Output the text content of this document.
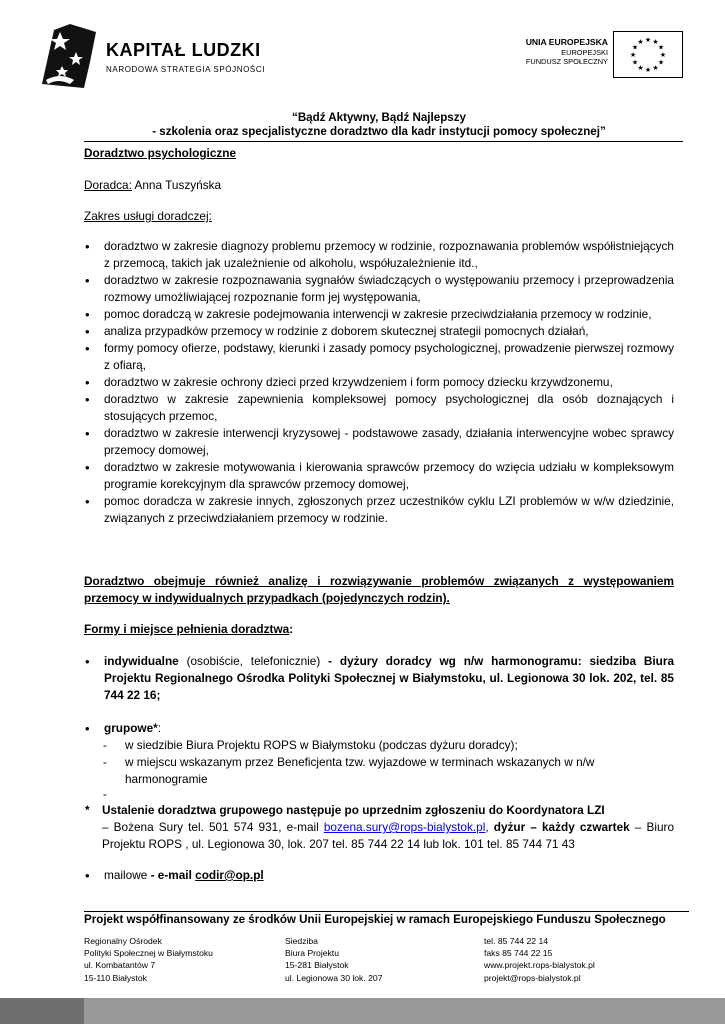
KAPITAŁ LUDZKI
NARODOWA STRATEGIA SPÓJNOŚCI
UNIA EUROPEJSKA
EUROPEJSKI
FUNDUSZ SPOŁECZNY
★ ★
★
★
★
★
★
★
★
★
★
★
“Bądź Aktywny, Bądź Najlepszy
- szkolenia oraz specjalistyczne doradztwo dla kadr instytucji pomocy społecznej”
Doradztwo psychologiczne
Doradca: Anna Tuszyńska
Zakres usługi doradczej:
• doradztwo w zakresie diagnozy problemu przemocy w rodzinie, rozpoznawania problemów współistniejących z przemocą, takich jak uzależnienie od alkoholu, współuzależnienie itd.,
• doradztwo w zakresie rozpoznawania sygnałów świadczących o występowaniu przemocy i przeprowadzenia rozmowy umożliwiającej rozpoznanie form jej występowania,
• pomoc doradczą w zakresie podejmowania interwencji w zakresie przeciwdziałania przemocy w rodzinie,
• analiza przypadków przemocy w rodzinie z doborem skutecznej strategii pomocnych działań,
• formy pomocy ofierze, podstawy, kierunki i zasady pomocy psychologicznej, prowadzenie pierwszej rozmowy z ofiarą,
• doradztwo w zakresie ochrony dzieci przed krzywdzeniem i form pomocy dziecku krzywdzonemu,
• doradztwo w zakresie zapewnienia kompleksowej pomocy psychologicznej dla osób doznających i stosujących przemoc,
• doradztwo w zakresie interwencji kryzysowej - podstawowe zasady, działania interwencyjne wobec sprawcy przemocy domowej,
• doradztwo w zakresie motywowania i kierowania sprawców przemocy do wzięcia udziału w kompleksowym programie korekcyjnym dla sprawców przemocy domowej,
• pomoc doradcza w zakresie innych, zgłoszonych przez uczestników cyklu LZI problemów w w/w dziedzinie, związanych z przeciwdziałaniem przemocy w rodzinie.
Doradztwo obejmuje również analizę i rozwiązywanie problemów związanych z występowaniem przemocy w indywidualnych przypadkach (pojedynczych rodzin).
Formy i miejsce pełnienia doradztwa:
• indywidualne (osobiście, telefonicznie) - dyżury doradcy wg n/w harmonogramu: siedziba Biura Projektu Regionalnego Ośrodka Polityki Społecznej w Białymstoku, ul. Legionowa 30 lok. 202, tel. 85 744 22 16;
• grupowe*:
- w siedzibie Biura Projektu ROPS w Białymstoku (podczas dyżuru doradcy);
- w miejscu wskazanym przez Beneficjenta tzw. wyjazdowe w terminach wskazanych w n/w harmonogramie
-
* Ustalenie doradztwa grupowego następuje po uprzednim zgłoszeniu do Koordynatora LZI
– Bożena Sury tel. 501 574 931, e-mail bozena.sury@rops-bialystok.pl, dyżur – każdy czwartek – Biuro Projektu ROPS , ul. Legionowa 30, lok. 207 tel. 85 744 22 14 lub lok. 101 tel. 85 744 71 43
• mailowe - e-mail codir@op.pl
Projekt współfinansowany ze środków Unii Europejskiej w ramach Europejskiego Funduszu Społecznego
Regionalny Ośrodek
Polityki Społecznej w Białymstoku
ul. Kombatantów 7
15-110 Białystok
Siedziba
Biura Projektu
15-281 Białystok
ul. Legionowa 30 lok. 207
tel. 85 744 22 14
faks 85 744 22 15
www.projekt.rops-bialystok.pl
projekt@rops-bialystok.pl
